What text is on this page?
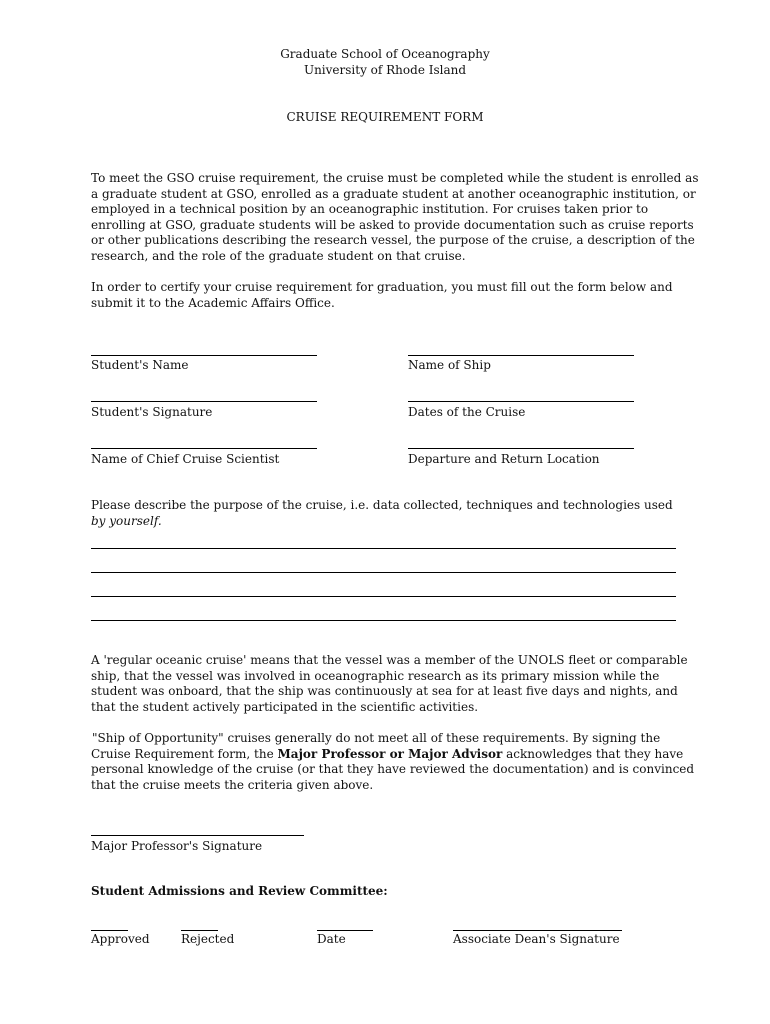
Graduate School of Oceanography
University of Rhode Island
CRUISE REQUIREMENT FORM
To meet the GSO cruise requirement, the cruise must be completed while the student is enrolled as a graduate student at GSO, enrolled as a graduate student at another oceanographic institution, or employed in a technical position by an oceanographic institution. For cruises taken prior to enrolling at GSO, graduate students will be asked to provide documentation such as cruise reports or other publications describing the research vessel, the purpose of the cruise, a description of the research, and the role of the graduate student on that cruise.
In order to certify your cruise requirement for graduation, you must fill out the form below and submit it to the Academic Affairs Office.
Student's Name	Name of Ship
Student's Signature	Dates of the Cruise
Name of Chief Cruise Scientist	Departure and Return Location
Please describe the purpose of the cruise, i.e. data collected, techniques and technologies used
by yourself.
A 'regular oceanic cruise' means that the vessel was a member of the UNOLS fleet or comparable ship, that the vessel was involved in oceanographic research as its primary mission while the student was onboard, that the ship was continuously at sea for at least five days and nights, and that the student actively participated in the scientific activities.
"Ship of Opportunity" cruises generally do not meet all of these requirements. By signing the Cruise Requirement form, the Major Professor or Major Advisor acknowledges that they have personal knowledge of the cruise (or that they have reviewed the documentation) and is convinced that the cruise meets the criteria given above.
Major Professor's Signature
Student Admissions and Review Committee:
Approved	Rejected	Date	Associate Dean's Signature
